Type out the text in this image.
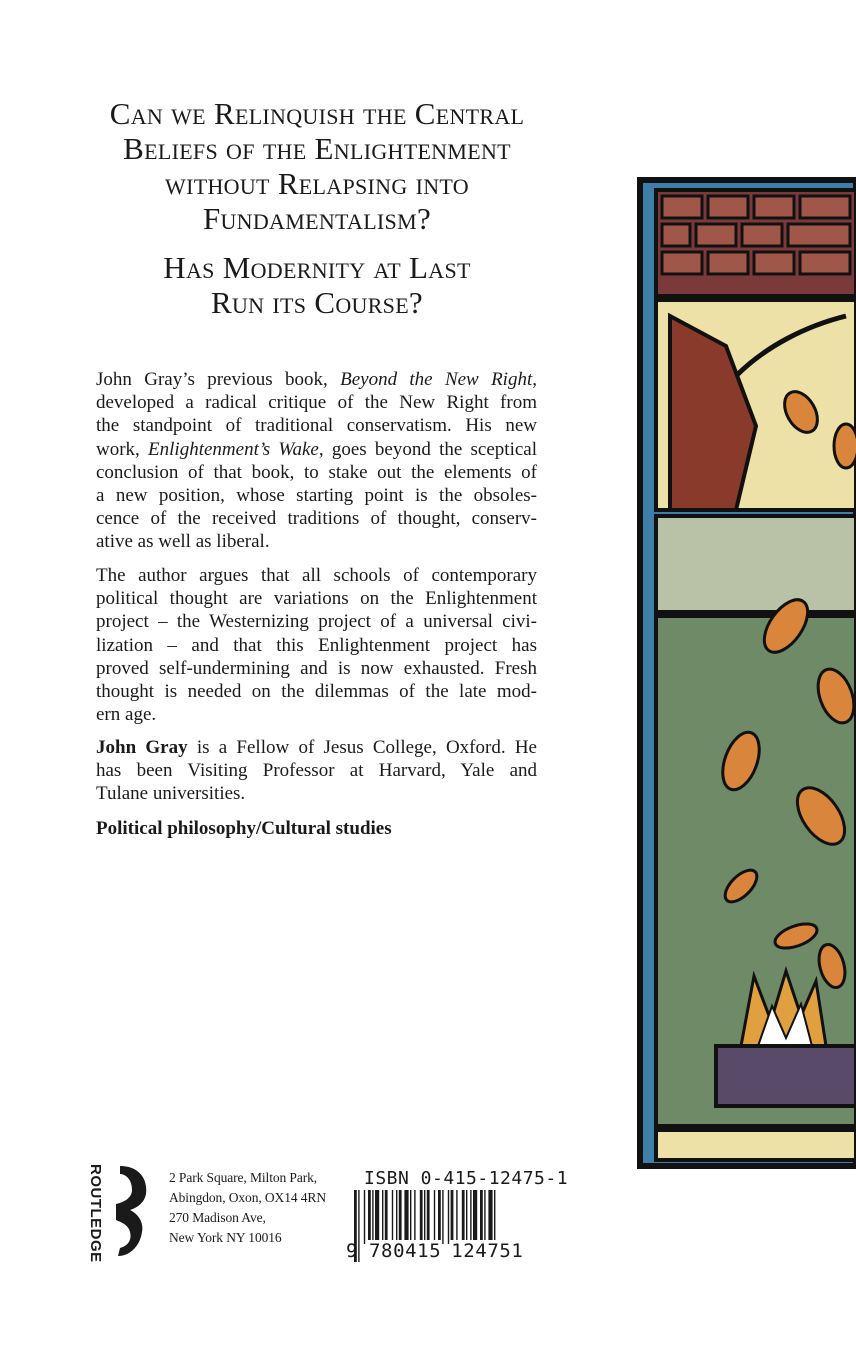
Can we Relinquish the Central
Beliefs of the Enlightenment
without Relapsing into
Fundamentalism?
Has Modernity at Last
Run its Course?

John Gray’s previous book, Beyond the New Right,
developed a radical critique of the New Right from
the standpoint of traditional conservatism. His new
work, Enlightenment’s Wake, goes beyond the sceptical
conclusion of that book, to stake out the elements of
a new position, whose starting point is the obsoles-
cence of the received traditions of thought, conserv-
ative as well as liberal.

The author argues that all schools of contemporary
political thought are variations on the Enlightenment
project – the Westernizing project of a universal civi-
lization – and that this Enlightenment project has
proved self-undermining and is now exhausted. Fresh
thought is needed on the dilemmas of the late mod-
ern age.

John Gray is a Fellow of Jesus College, Oxford. He
has been Visiting Professor at Harvard, Yale and
Tulane universities.

Political philosophy/Cultural studies

ROUTLEDGE	2 Park Square, Milton Park,
Abingdon, Oxon, OX14 4RN
270 Madison Ave,
New York NY 10016
ISBN 0-415-12475-1
9 780415 124751
